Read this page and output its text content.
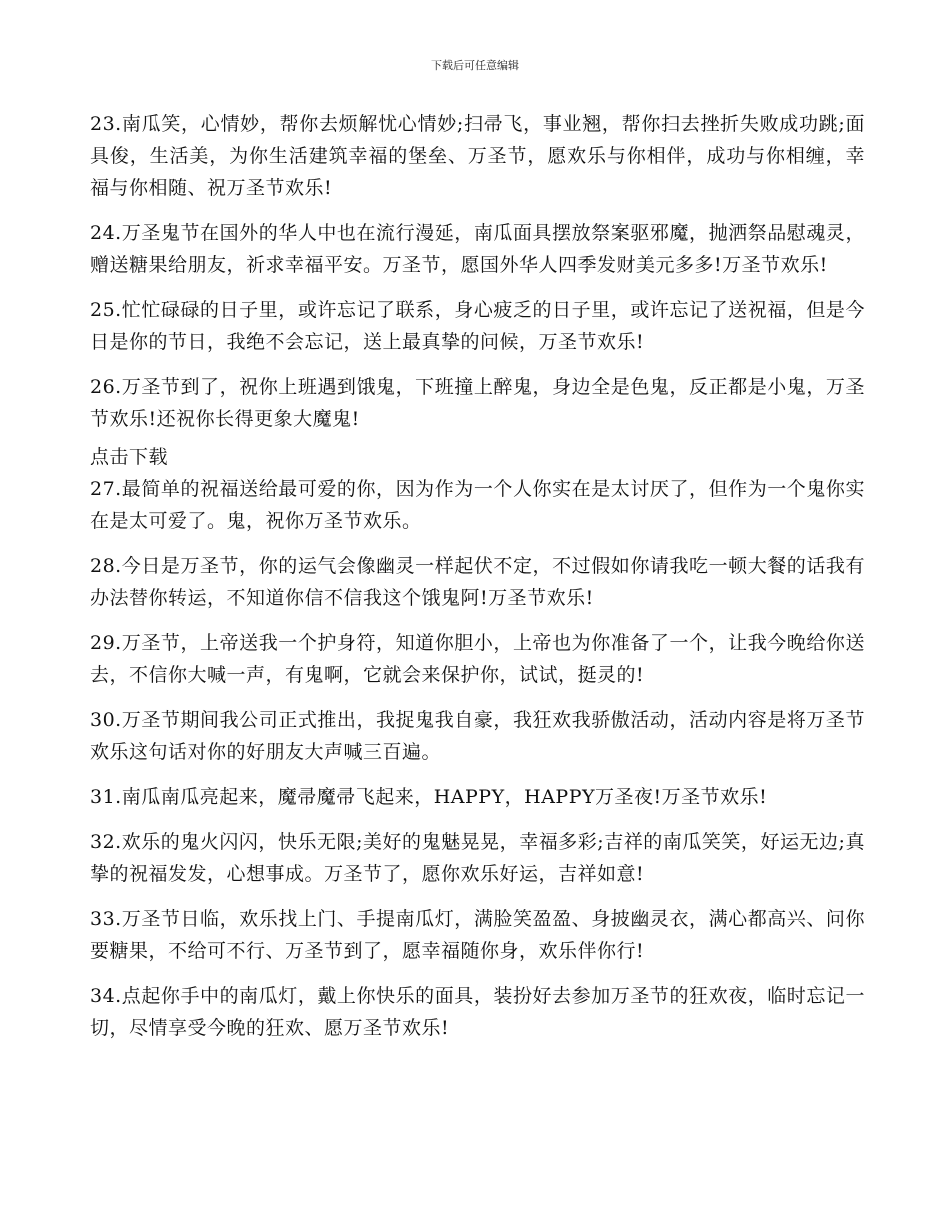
下载后可任意编辑

23.南瓜笑，心情妙，帮你去烦解忧心情妙;扫帚飞，事业翘，帮你扫去挫折失败成功跳;面具俊，生活美，为你生活建筑幸福的堡垒、万圣节，愿欢乐与你相伴，成功与你相缠，幸福与你相随、祝万圣节欢乐!

24.万圣鬼节在国外的华人中也在流行漫延，南瓜面具摆放祭案驱邪魔，抛洒祭品慰魂灵，赠送糖果给朋友，祈求幸福平安。万圣节，愿国外华人四季发财美元多多!万圣节欢乐!

25.忙忙碌碌的日子里，或许忘记了联系，身心疲乏的日子里，或许忘记了送祝福，但是今日是你的节日，我绝不会忘记，送上最真挚的问候，万圣节欢乐!

26.万圣节到了，祝你上班遇到饿鬼，下班撞上醉鬼，身边全是色鬼，反正都是小鬼，万圣节欢乐!还祝你长得更象大魔鬼!

点击下载

27.最简单的祝福送给最可爱的你，因为作为一个人你实在是太讨厌了，但作为一个鬼你实在是太可爱了。鬼，祝你万圣节欢乐。

28.今日是万圣节，你的运气会像幽灵一样起伏不定，不过假如你请我吃一顿大餐的话我有办法替你转运，不知道你信不信我这个饿鬼阿!万圣节欢乐!

29.万圣节，上帝送我一个护身符，知道你胆小，上帝也为你准备了一个，让我今晚给你送去，不信你大喊一声，有鬼啊，它就会来保护你，试试，挺灵的!

30.万圣节期间我公司正式推出，我捉鬼我自豪，我狂欢我骄傲活动，活动内容是将万圣节欢乐这句话对你的好朋友大声喊三百遍。

31.南瓜南瓜亮起来，魔帚魔帚飞起来，HAPPY，HAPPY万圣夜!万圣节欢乐!

32.欢乐的鬼火闪闪，快乐无限;美好的鬼魅晃晃，幸福多彩;吉祥的南瓜笑笑，好运无边;真挚的祝福发发，心想事成。万圣节了，愿你欢乐好运，吉祥如意!

33.万圣节日临，欢乐找上门、手提南瓜灯，满脸笑盈盈、身披幽灵衣，满心都高兴、问你要糖果，不给可不行、万圣节到了，愿幸福随你身，欢乐伴你行!

34.点起你手中的南瓜灯，戴上你快乐的面具，装扮好去参加万圣节的狂欢夜，临时忘记一切，尽情享受今晚的狂欢、愿万圣节欢乐!
